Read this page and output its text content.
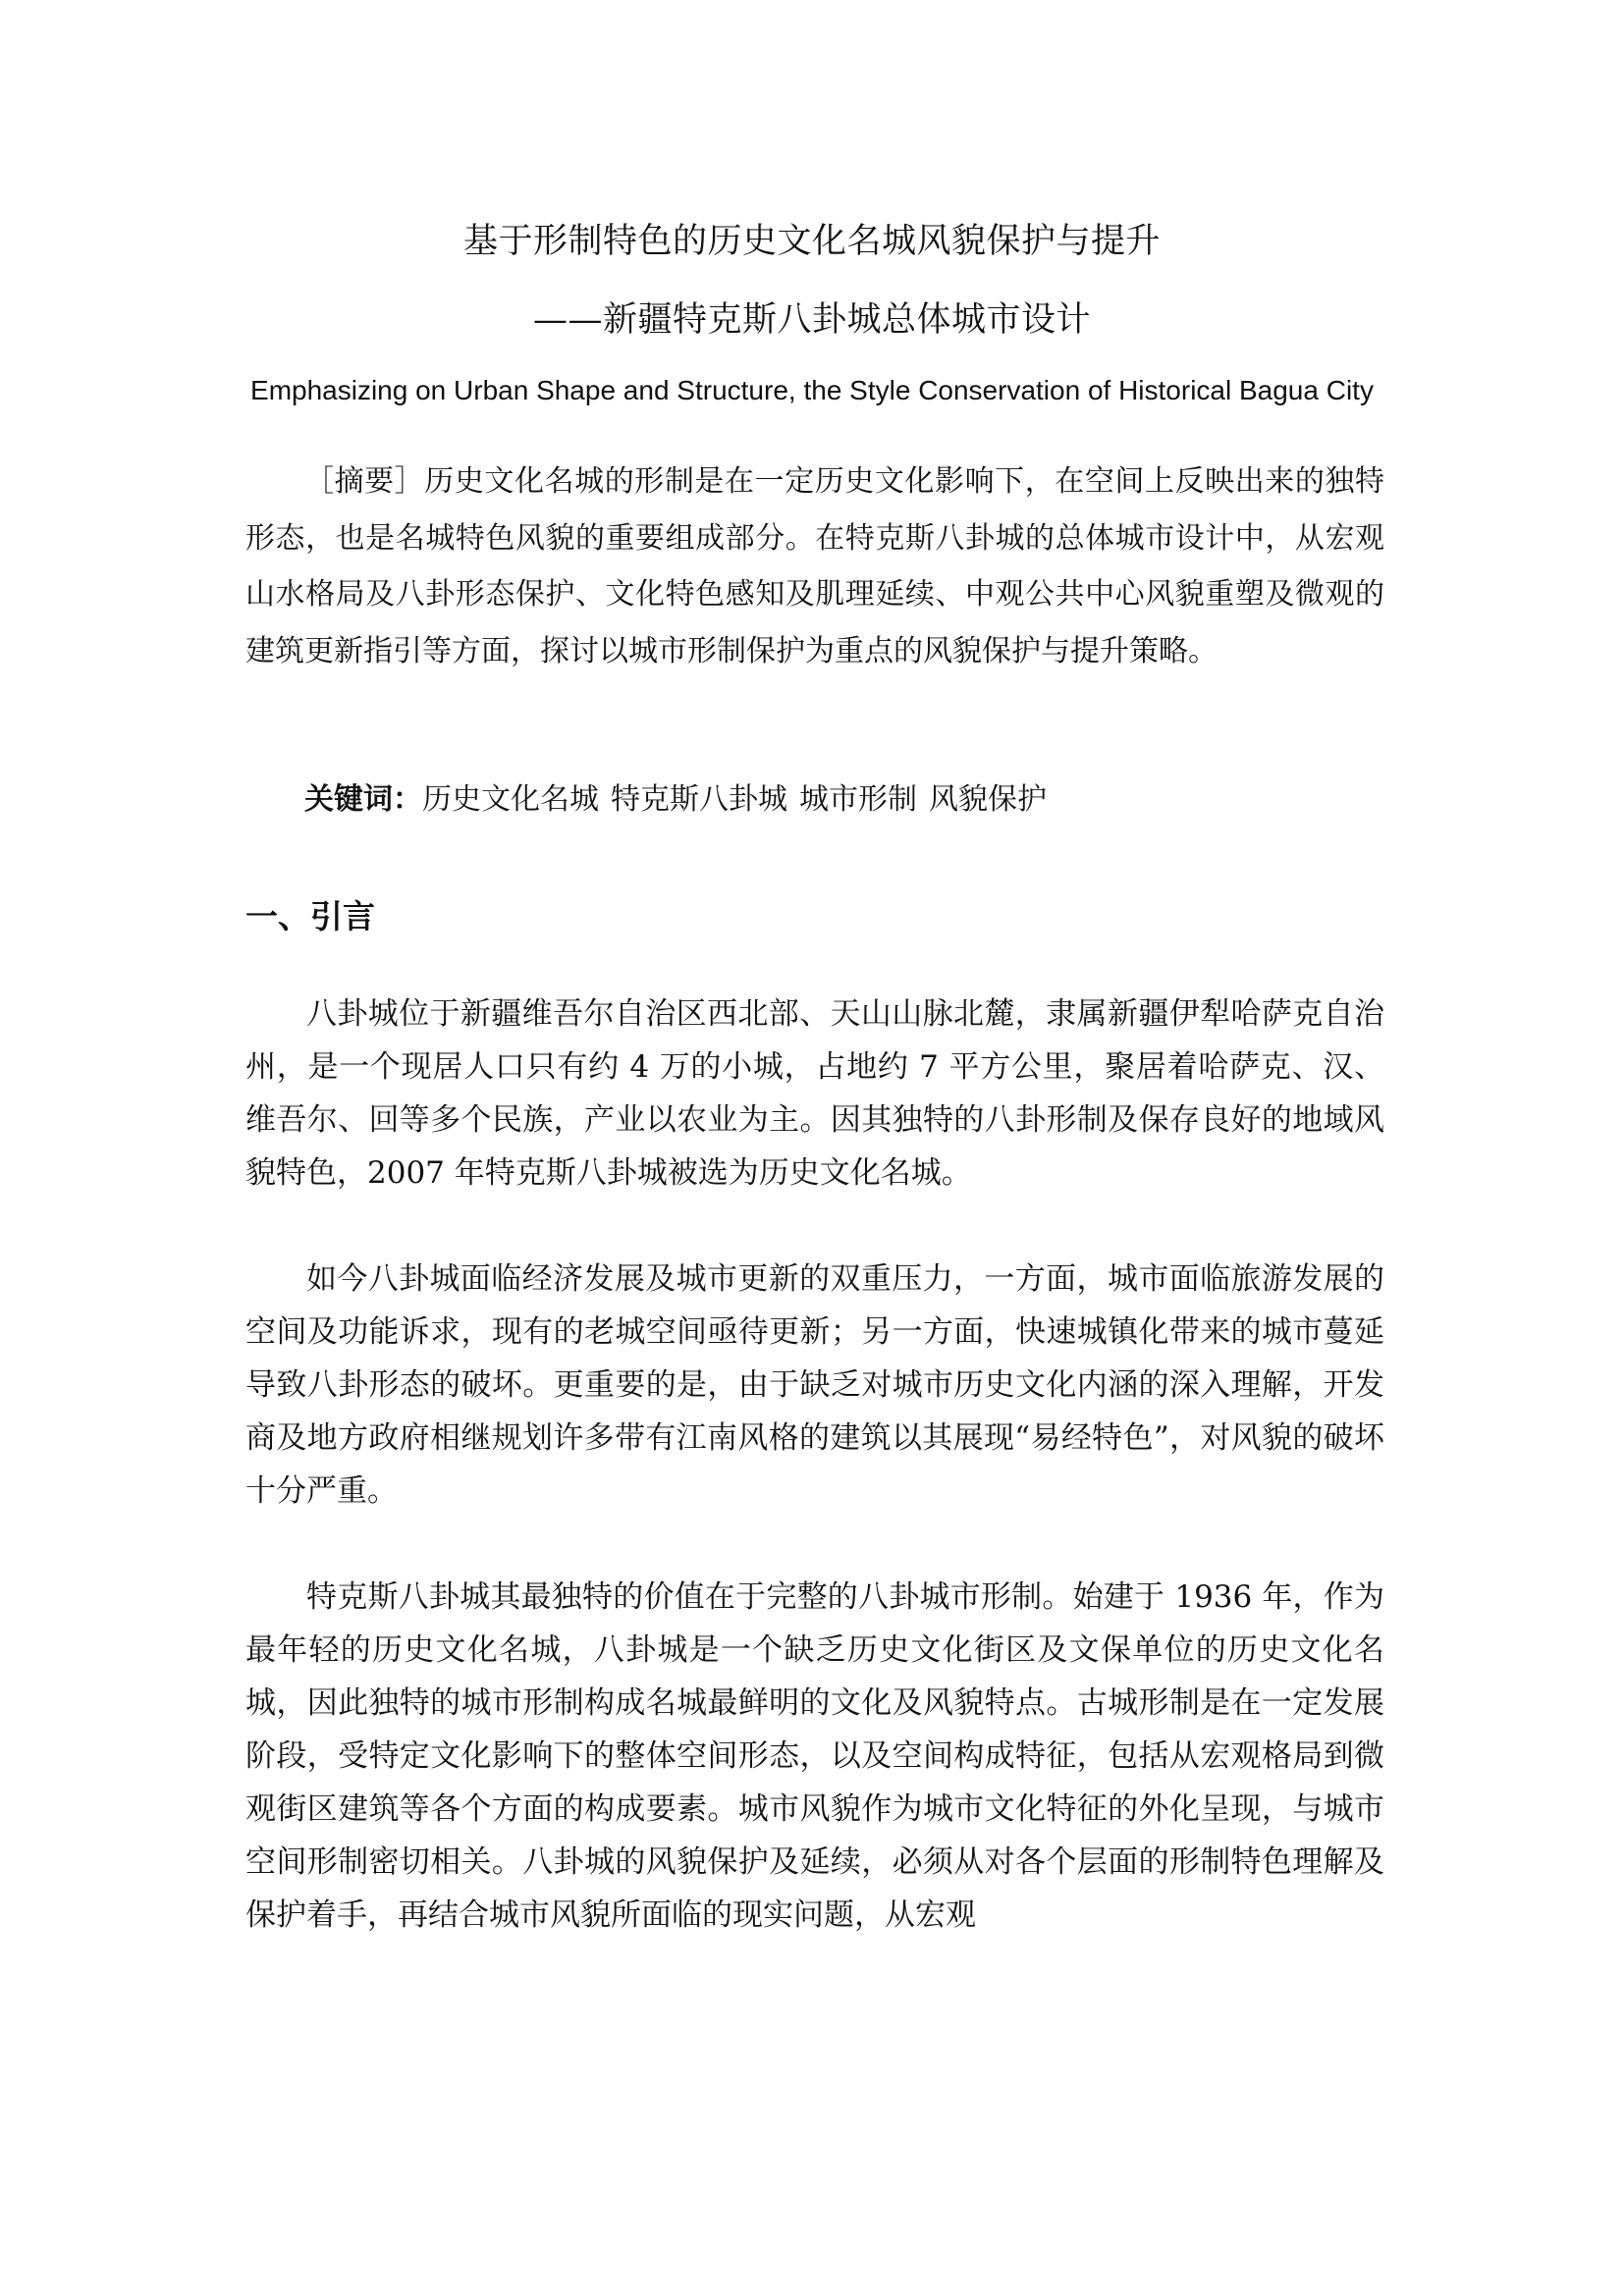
基于形制特色的历史文化名城风貌保护与提升
——新疆特克斯八卦城总体城市设计
Emphasizing on Urban Shape and Structure, the Style Conservation of Historical Bagua City

［摘要］历史文化名城的形制是在一定历史文化影响下，在空间上反映出来的独特形态，也是名城特色风貌的重要组成部分。在特克斯八卦城的总体城市设计中，从宏观山水格局及八卦形态保护、文化特色感知及肌理延续、中观公共中心风貌重塑及微观的建筑更新指引等方面，探讨以城市形制保护为重点的风貌保护与提升策略。

关键词：历史文化名城 特克斯八卦城 城市形制 风貌保护

一、引言

八卦城位于新疆维吾尔自治区西北部、天山山脉北麓，隶属新疆伊犁哈萨克自治州，是一个现居人口只有约 4 万的小城，占地约 7 平方公里，聚居着哈萨克、汉、维吾尔、回等多个民族，产业以农业为主。因其独特的八卦形制及保存良好的地域风貌特色，2007 年特克斯八卦城被选为历史文化名城。

如今八卦城面临经济发展及城市更新的双重压力，一方面，城市面临旅游发展的空间及功能诉求，现有的老城空间亟待更新；另一方面，快速城镇化带来的城市蔓延导致八卦形态的破坏。更重要的是，由于缺乏对城市历史文化内涵的深入理解，开发商及地方政府相继规划许多带有江南风格的建筑以其展现“易经特色”，对风貌的破坏十分严重。

特克斯八卦城其最独特的价值在于完整的八卦城市形制。始建于 1936 年，作为最年轻的历史文化名城，八卦城是一个缺乏历史文化街区及文保单位的历史文化名城，因此独特的城市形制构成名城最鲜明的文化及风貌特点。古城形制是在一定发展阶段，受特定文化影响下的整体空间形态，以及空间构成特征，包括从宏观格局到微观街区建筑等各个方面的构成要素。城市风貌作为城市文化特征的外化呈现，与城市空间形制密切相关。八卦城的风貌保护及延续，必须从对各个层面的形制特色理解及保护着手，再结合城市风貌所面临的现实问题，从宏观
